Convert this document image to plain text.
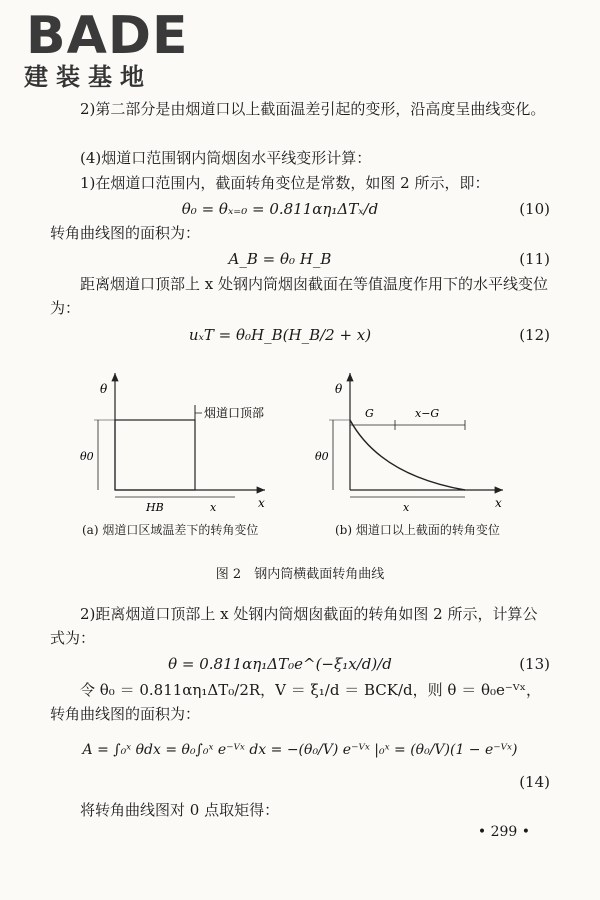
BADE
建装基地
2)第二部分是由烟道口以上截面温差引起的变形，沿高度呈曲线变化。
(4)烟道口范围钢内筒烟囱水平线变形计算：
1)在烟道口范围内，截面转角变位是常数，如图 2 所示，即：
θ₀ = θₓ₌₀ = 0.811αη₁ΔTₓ/d	(10)
转角曲线图的面积为：
A_B = θ₀ H_B	(11)
距离烟道口顶部上 x 处钢内筒烟囱截面在等值温度作用下的水平线变位为：
uₓT = θ₀H_B(H_B/2 + x)	(12)
θ
x
烟道口顶部
θ0
HB	x
(a) 烟道口区域温差下的转角变位
θ
x
G	x−G
θ0
x
(b) 烟道口以上截面的转角变位
图 2　钢内筒横截面转角曲线
2)距离烟道口顶部上 x 处钢内筒烟囱截面的转角如图 2 所示，计算公式为：
θ = 0.811αη₁ΔT₀e^(−ξ₁x/d)/d	(13)
令 θ₀ ＝ 0.811αη₁ΔT₀/2R，V ＝ ξ₁/d ＝ BCK/d，则 θ ＝ θ₀e⁻ⱽˣ，转角曲线图的面积为：
A = ∫₀ˣ θdx = θ₀∫₀ˣ e⁻ⱽˣ dx = −(θ₀/V) e⁻ⱽˣ |₀ˣ = (θ₀/V)(1 − e⁻ⱽˣ)
(14)
将转角曲线图对 0 点取矩得：
• 299 •
